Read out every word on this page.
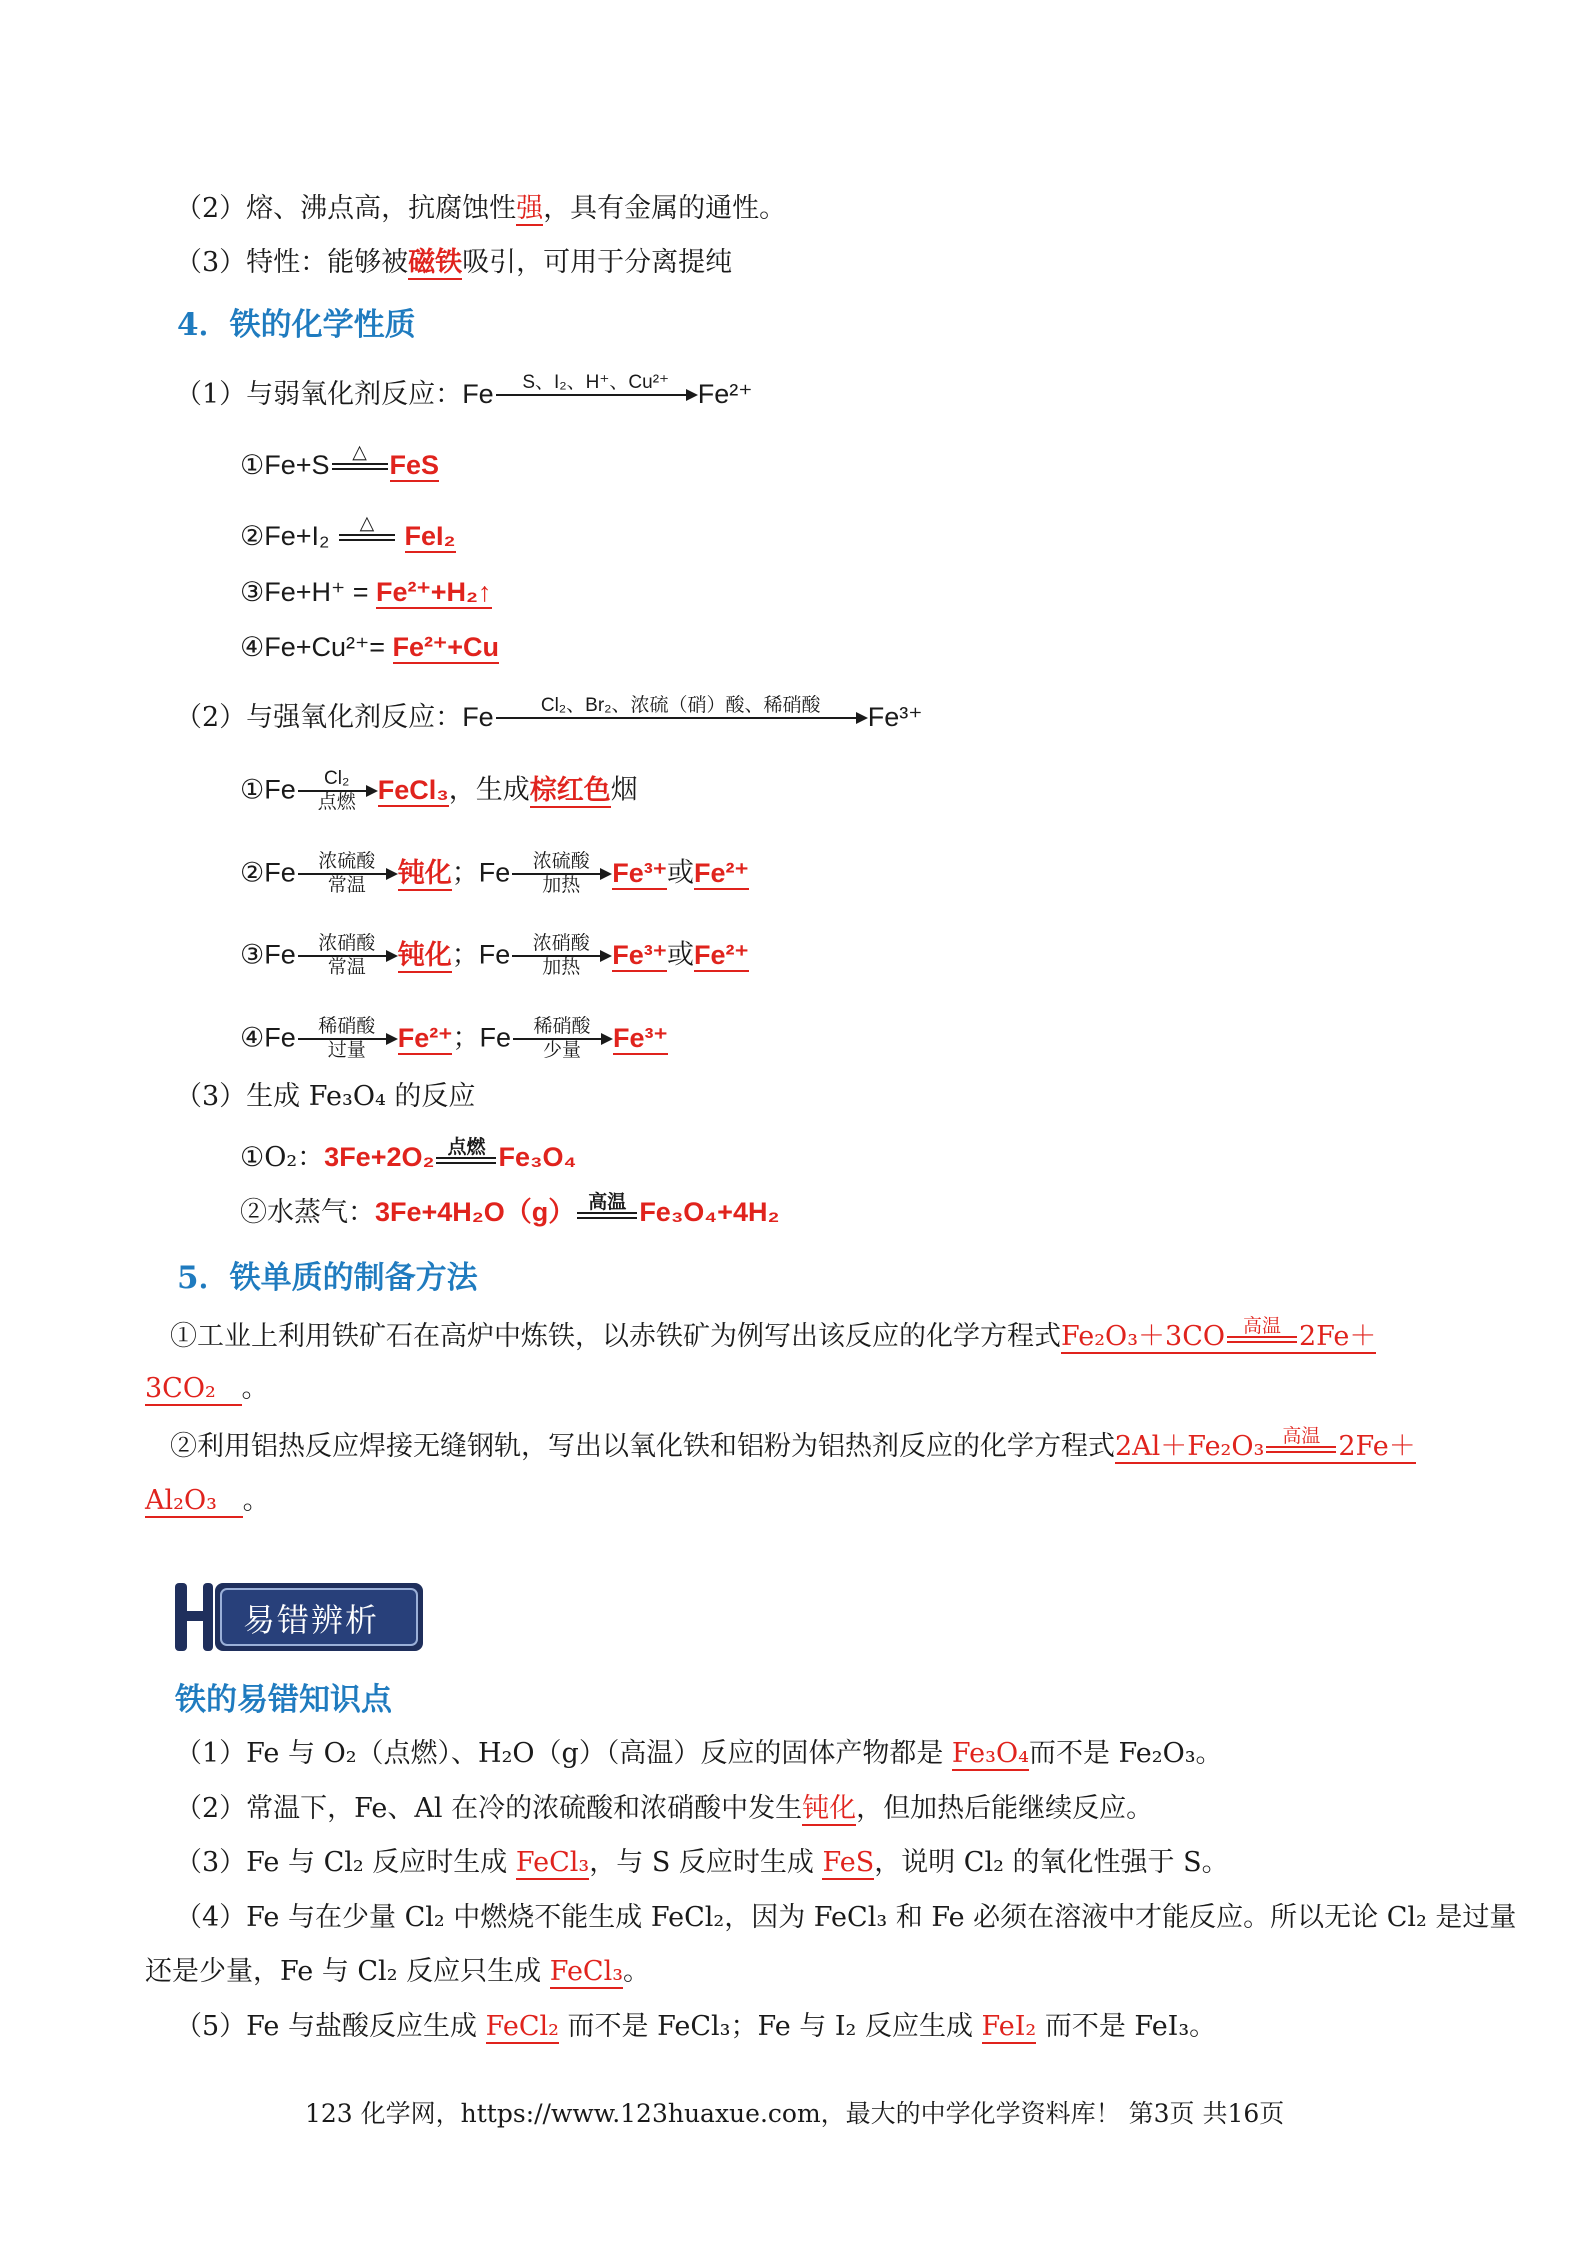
（2）熔、沸点高，抗腐蚀性强，具有金属的通性。
（3）特性：能够被磁铁吸引，可用于分离提纯
4．铁的化学性质
（1）与弱氧化剂反应：Fe	S、I₂、H⁺、Cu²⁺	Fe²⁺
①Fe+S	△ FeS
②Fe+I₂	△	FeI₂
③Fe+H⁺ = Fe²⁺+H₂↑
④Fe+Cu²⁺= Fe²⁺+Cu
（2）与强氧化剂反应：Fe	Cl₂、Br₂、浓硫（硝）酸、稀硝酸	Fe³⁺
①Fe	Cl₂
点燃 FeCl₃，生成棕红色烟
②Fe	浓硫酸
常温	钝化；Fe	浓硫酸
加热	Fe³⁺或Fe²⁺
③Fe	浓硝酸
常温	钝化；Fe	浓硝酸
加热	Fe³⁺或Fe²⁺
④Fe	稀硝酸
过量	Fe²⁺；Fe	稀硝酸
少量	Fe³⁺
（3）生成 Fe₃O₄ 的反应
①O₂：3Fe+2O₂ 点燃 Fe₃O₄
②水蒸气：3Fe+4H₂O（g） 高温 Fe₃O₄+4H₂
5．铁单质的制备方法
①工业上利用铁矿石在高炉中炼铁，以赤铁矿为例写出该反应的化学方程式Fe₂O₃＋3CO 高温 2Fe＋
3CO₂ 。
②利用铝热反应焊接无缝钢轨，写出以氧化铁和铝粉为铝热剂反应的化学方程式2Al＋Fe₂O₃ 高温 2Fe＋
Al₂O₃ 。
易错辨析
铁的易错知识点
（1）Fe 与 O₂（点燃）、H₂O（g）（高温）反应的固体产物都是 Fe₃O₄而不是 Fe₂O₃。
（2）常温下，Fe、Al 在冷的浓硫酸和浓硝酸中发生钝化，但加热后能继续反应。
（3）Fe 与 Cl₂ 反应时生成 FeCl₃，与 S 反应时生成 FeS，说明 Cl₂ 的氧化性强于 S。
（4）Fe 与在少量 Cl₂ 中燃烧不能生成 FeCl₂，因为 FeCl₃ 和 Fe 必须在溶液中才能反应。所以无论 Cl₂ 是过量
还是少量，Fe 与 Cl₂ 反应只生成 FeCl₃。
（5）Fe 与盐酸反应生成 FeCl₂ 而不是 FeCl₃；Fe 与 I₂ 反应生成 FeI₂ 而不是 FeI₃。
123 化学网，https://www.123huaxue.com，最大的中学化学资料库！ 第3页 共16页
